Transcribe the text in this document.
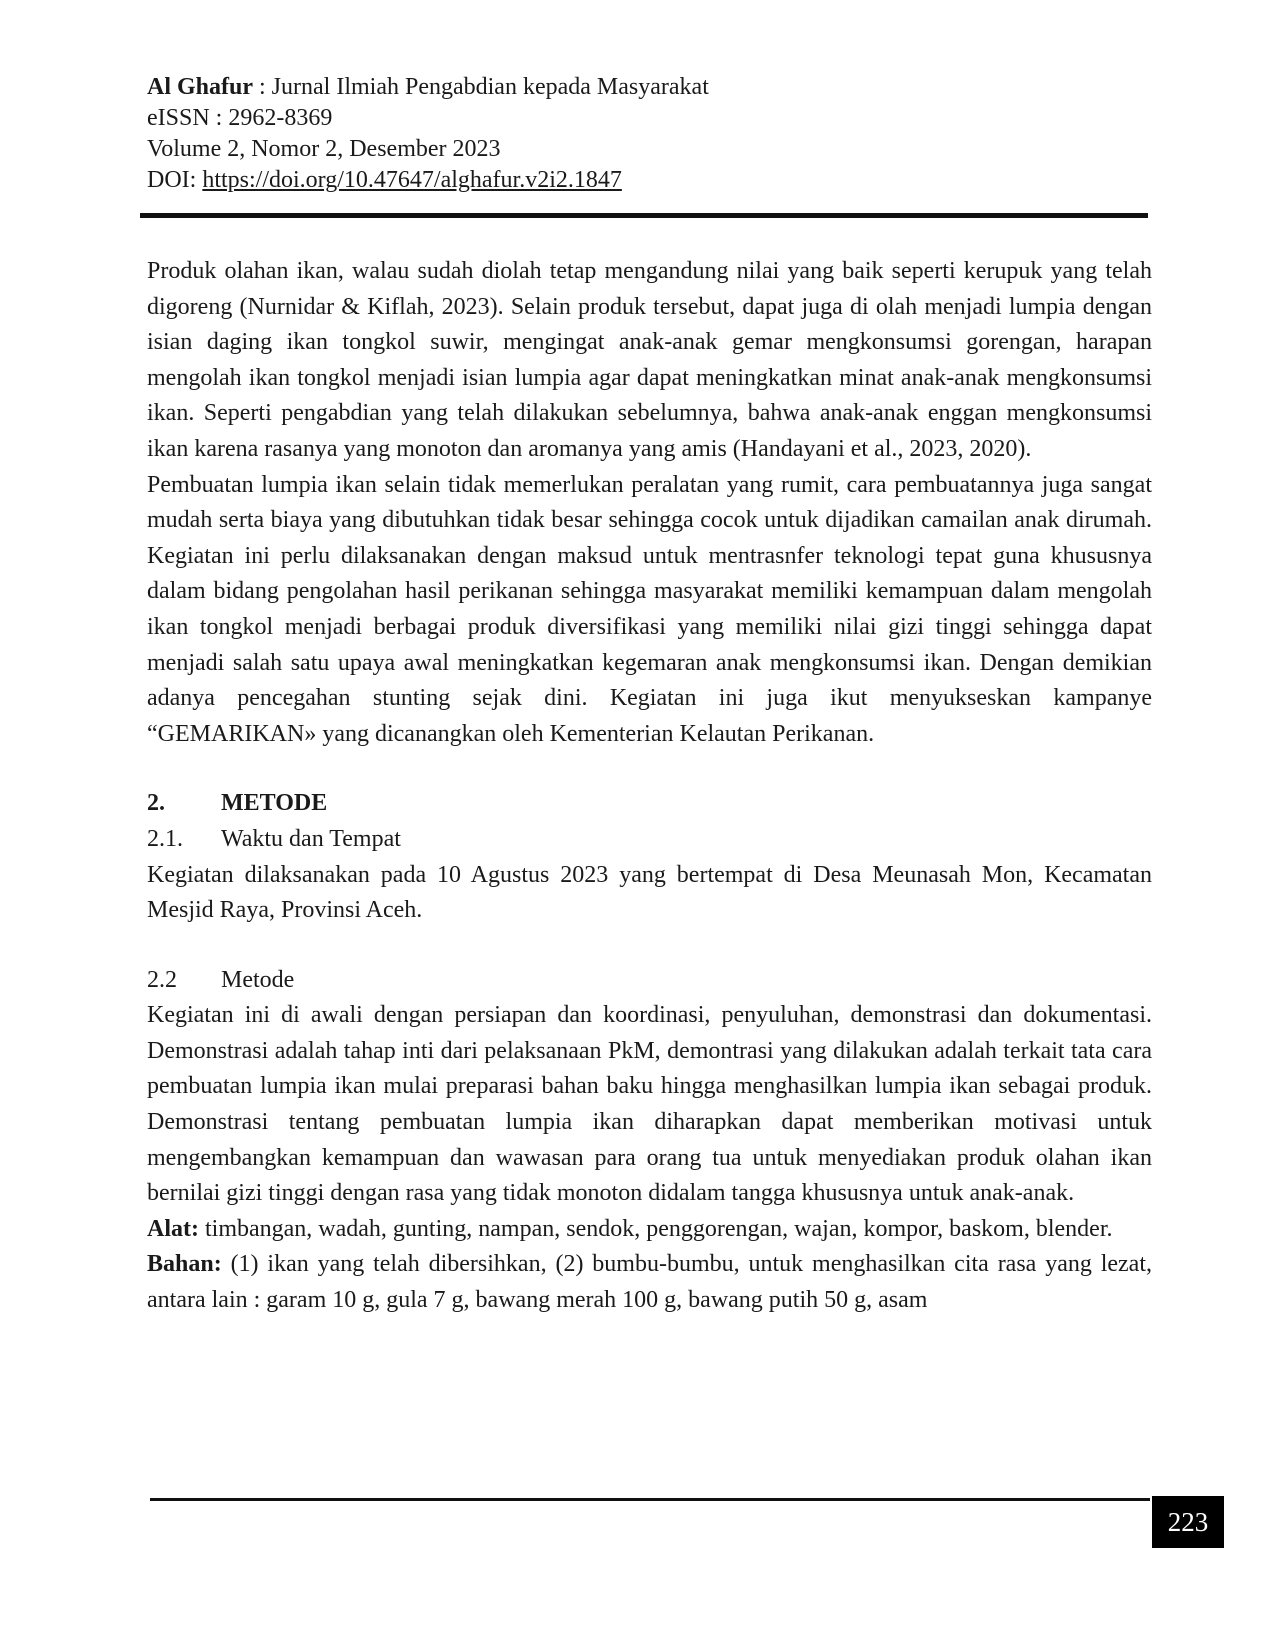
Al Ghafur : Jurnal Ilmiah Pengabdian kepada Masyarakat
eISSN : 2962-8369
Volume 2, Nomor 2, Desember 2023
DOI: https://doi.org/10.47647/alghafur.v2i2.1847

Produk olahan ikan, walau sudah diolah tetap mengandung nilai yang baik seperti kerupuk yang telah digoreng (Nurnidar & Kiflah, 2023). Selain produk tersebut, dapat juga di olah menjadi lumpia dengan isian daging ikan tongkol suwir, mengingat anak-anak gemar mengkonsumsi gorengan, harapan mengolah ikan tongkol menjadi isian lumpia agar dapat meningkatkan minat anak-anak mengkonsumsi ikan. Seperti pengabdian yang telah dilakukan sebelumnya, bahwa anak-anak enggan mengkonsumsi ikan karena rasanya yang monoton dan aromanya yang amis (Handayani et al., 2023, 2020).

Pembuatan lumpia ikan selain tidak memerlukan peralatan yang rumit, cara pembuatannya juga sangat mudah serta biaya yang dibutuhkan tidak besar sehingga cocok untuk dijadikan camailan anak dirumah. Kegiatan ini perlu dilaksanakan dengan maksud untuk mentrasnfer teknologi tepat guna khususnya dalam bidang pengolahan hasil perikanan sehingga masyarakat memiliki kemampuan dalam mengolah ikan tongkol menjadi berbagai produk diversifikasi yang memiliki nilai gizi tinggi sehingga dapat menjadi salah satu upaya awal meningkatkan kegemaran anak mengkonsumsi ikan. Dengan demikian adanya pencegahan stunting sejak dini. Kegiatan ini juga ikut menyukseskan kampanye “GEMARIKAN» yang dicanangkan oleh Kementerian Kelautan Perikanan.

2.	METODE

2.1.	Waktu dan Tempat

Kegiatan dilaksanakan pada 10 Agustus 2023 yang bertempat di Desa Meunasah Mon, Kecamatan Mesjid Raya, Provinsi Aceh.

2.2	Metode

Kegiatan ini di awali dengan persiapan dan koordinasi, penyuluhan, demonstrasi dan dokumentasi. Demonstrasi adalah tahap inti dari pelaksanaan PkM, demontrasi yang dilakukan adalah terkait tata cara pembuatan lumpia ikan mulai preparasi bahan baku hingga menghasilkan lumpia ikan sebagai produk. Demonstrasi tentang pembuatan lumpia ikan diharapkan dapat memberikan motivasi untuk mengembangkan kemampuan dan wawasan para orang tua untuk menyediakan produk olahan ikan bernilai gizi tinggi dengan rasa yang tidak monoton didalam tangga khususnya untuk anak-anak.

Alat: timbangan, wadah, gunting, nampan, sendok, penggorengan, wajan, kompor, baskom, blender.

Bahan: (1) ikan yang telah dibersihkan, (2) bumbu-bumbu, untuk menghasilkan cita rasa yang lezat, antara lain : garam 10 g, gula 7 g, bawang merah 100 g, bawang putih 50 g, asam

223
